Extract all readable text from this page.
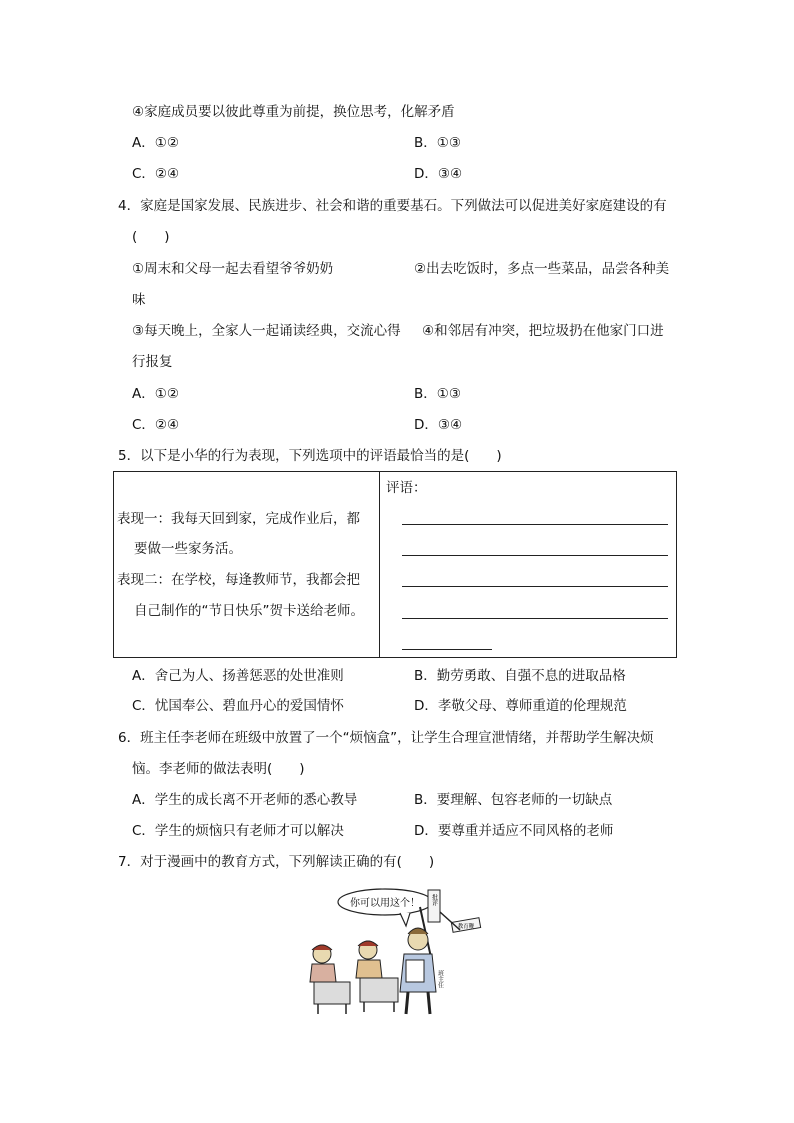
④家庭成员要以彼此尊重为前提，换位思考，化解矛盾
A．①②	B．①③
C．②④	D．③④
4．家庭是国家发展、民族进步、社会和谐的重要基石。下列做法可以促进美好家庭建设的有
(　　)
①周末和父母一起去看望爷爷奶奶	②出去吃饭时，多点一些菜品，品尝各种美
味
③每天晚上，全家人一起诵读经典，交流心得 ④和邻居有冲突，把垃圾扔在他家门口进
行报复
A．①②	B．①③
C．②④	D．③④
5．以下是小华的行为表现，下列选项中的评语最恰当的是(　　)
表现一：我每天回到家，完成作业后，都
要做一些家务活。
表现二：在学校，每逢教师节，我都会把
自己制作的“节日快乐”贺卡送给老师。

评语：
A．舍己为人、扬善惩恶的处世准则	B．勤劳勇敢、自强不息的进取品格
C．忧国奉公、碧血丹心的爱国情怀	D．孝敬父母、尊师重道的伦理规范
6．班主任李老师在班级中放置了一个“烦恼盒”，让学生合理宣泄情绪，并帮助学生解决烦
恼。李老师的做法表明(　　)
A．学生的成长离不开老师的悉心教导	B．要理解、包容老师的一切缺点
C．学生的烦恼只有老师才可以解决	D．要尊重并适应不同风格的老师
7．对于漫画中的教育方式，下列解读正确的有(　　)
你可以用这个！ 批评
教育鞭
班主任
